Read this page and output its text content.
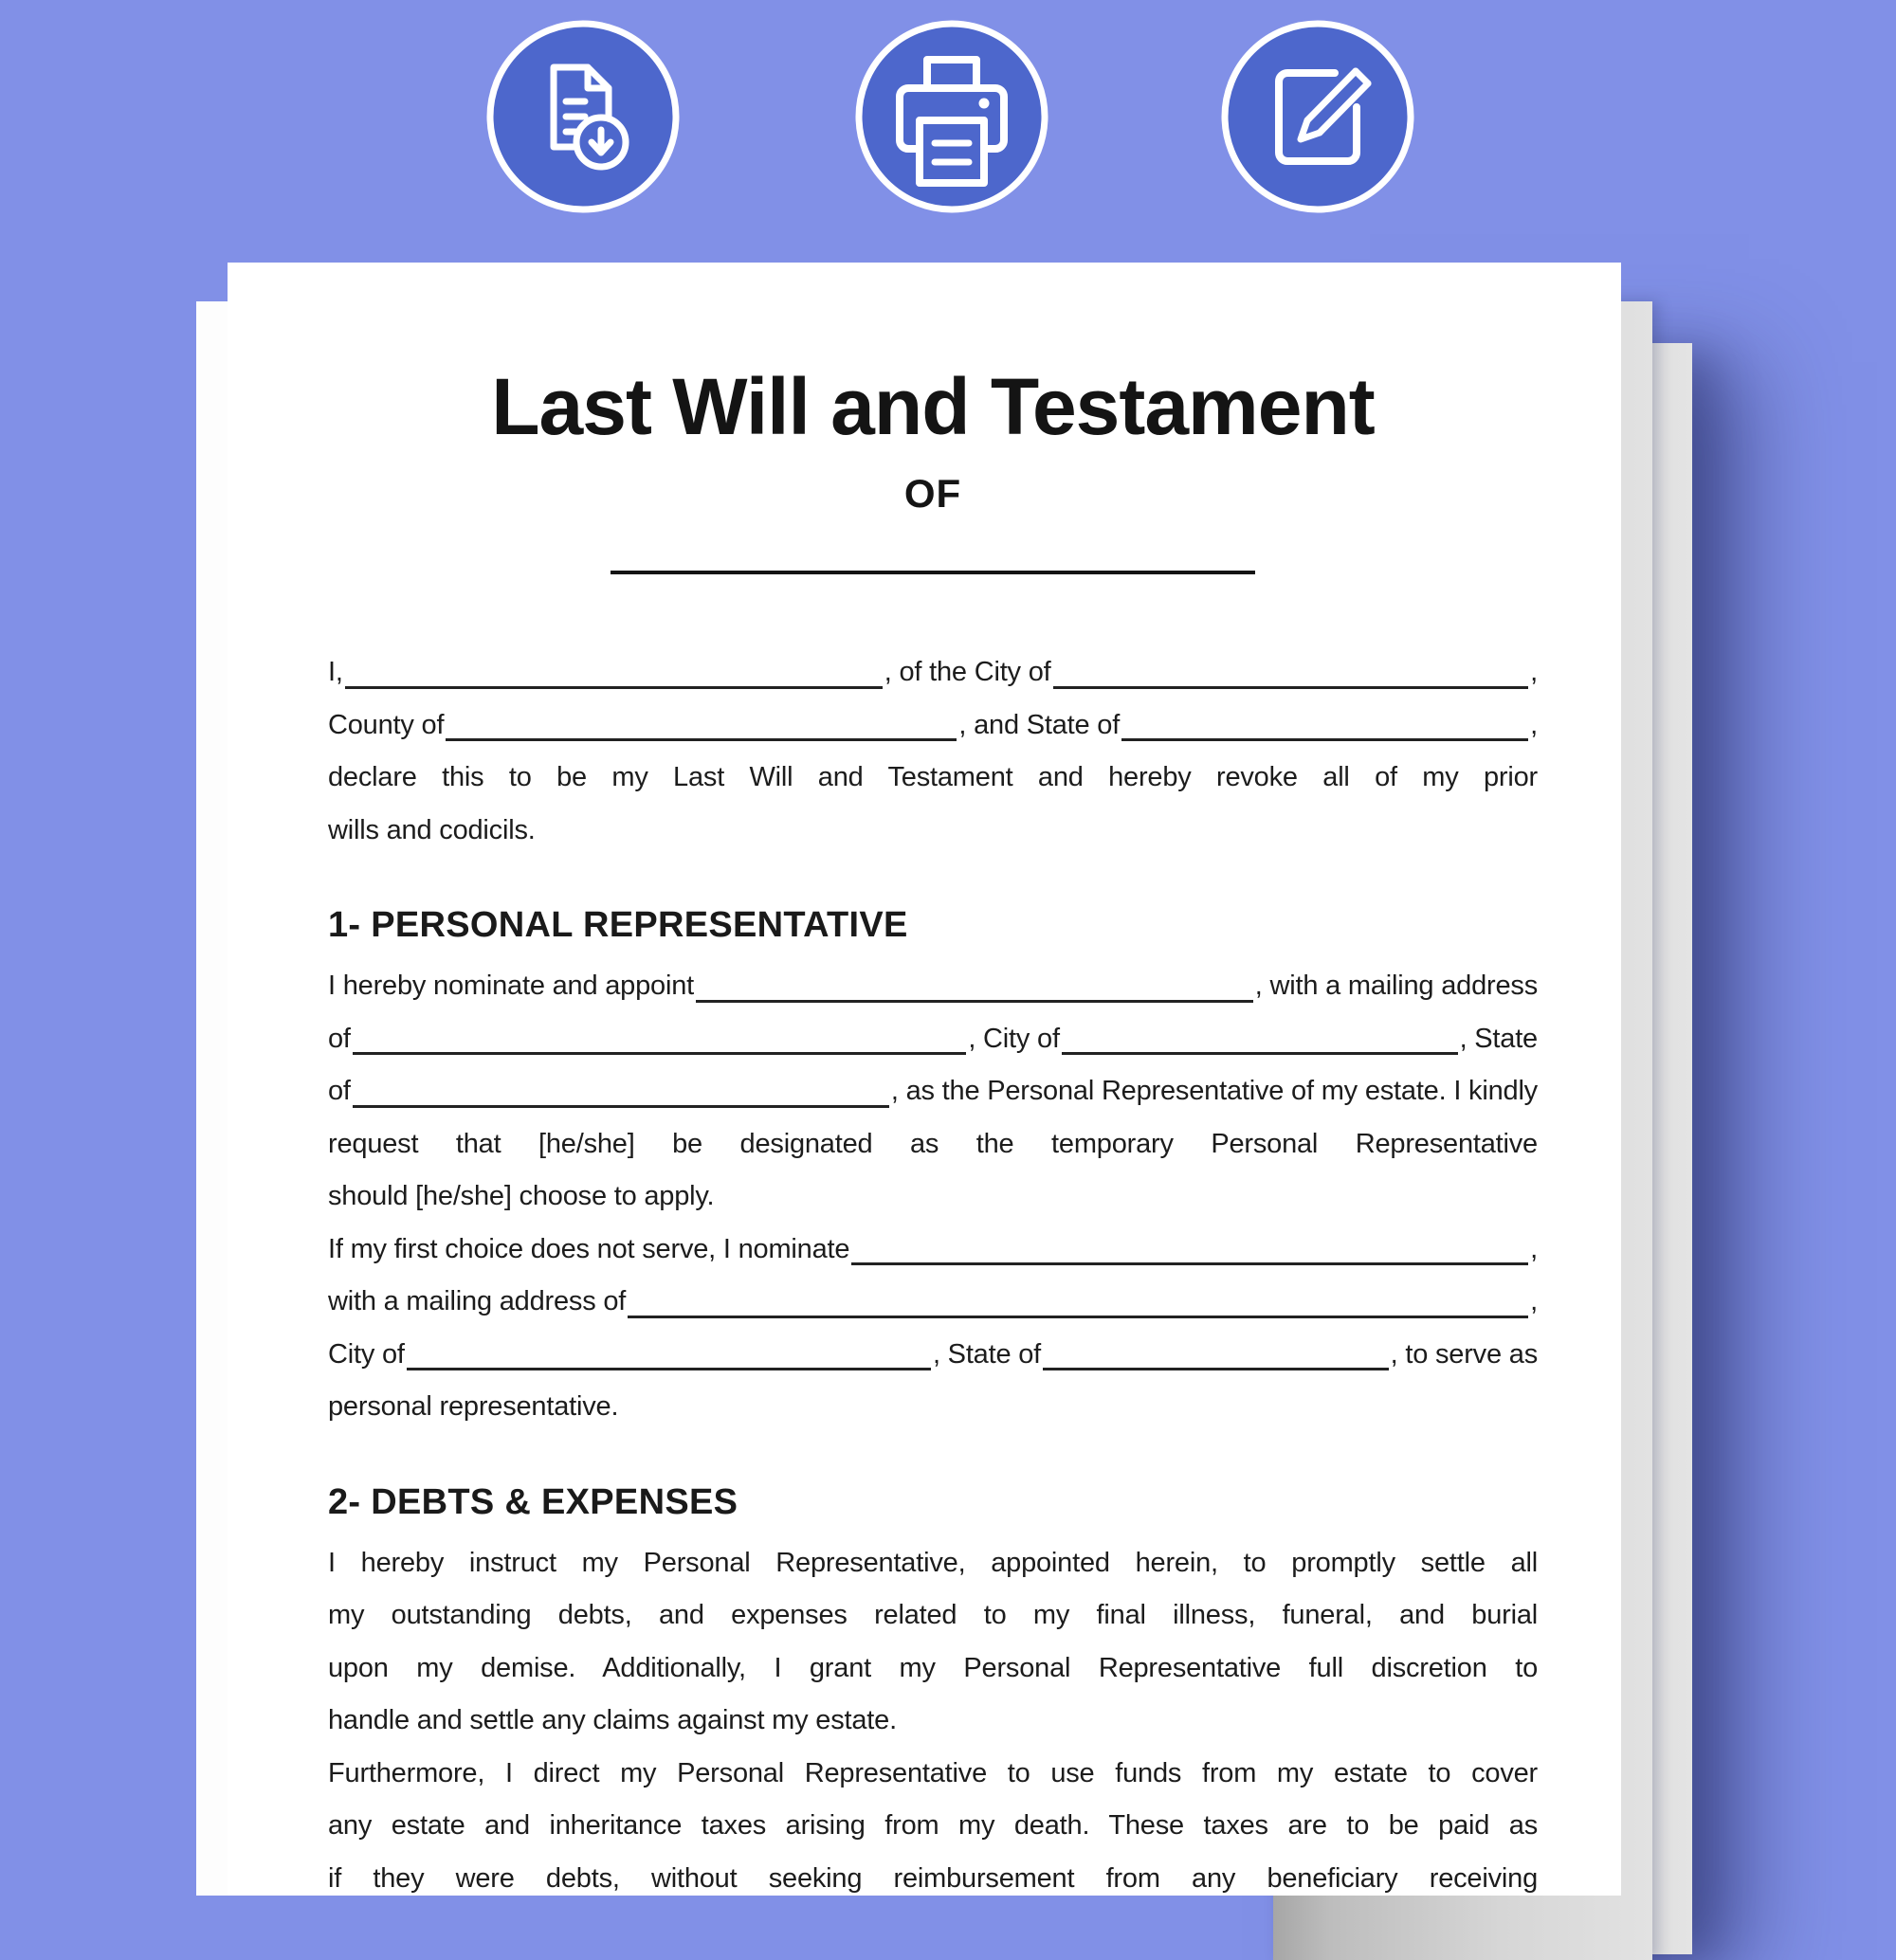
Last Will and Testament
OF
I,	, of the City of	,
County of	, and State of	,
declare this to be my Last Will and Testament and hereby revoke all of my prior
wills and codicils.
1- PERSONAL REPRESENTATIVE
I hereby nominate and appoint	, with a mailing address
of	, City of	, State
of	, as the Personal Representative of my estate. I kindly
request that [he/she] be designated as the temporary Personal Representative
should [he/she] choose to apply.
If my first choice does not serve, I nominate	,
with a mailing address of	,
City of	, State of	, to serve as
personal representative.
2- DEBTS & EXPENSES
I hereby instruct my Personal Representative, appointed herein, to promptly settle all
my outstanding debts, and expenses related to my final illness, funeral, and burial
upon my demise. Additionally, I grant my Personal Representative full discretion to
handle and settle any claims against my estate.
Furthermore, I direct my Personal Representative to use funds from my estate to cover
any estate and inheritance taxes arising from my death. These taxes are to be paid as
if they were debts, without seeking reimbursement from any beneficiary receiving
